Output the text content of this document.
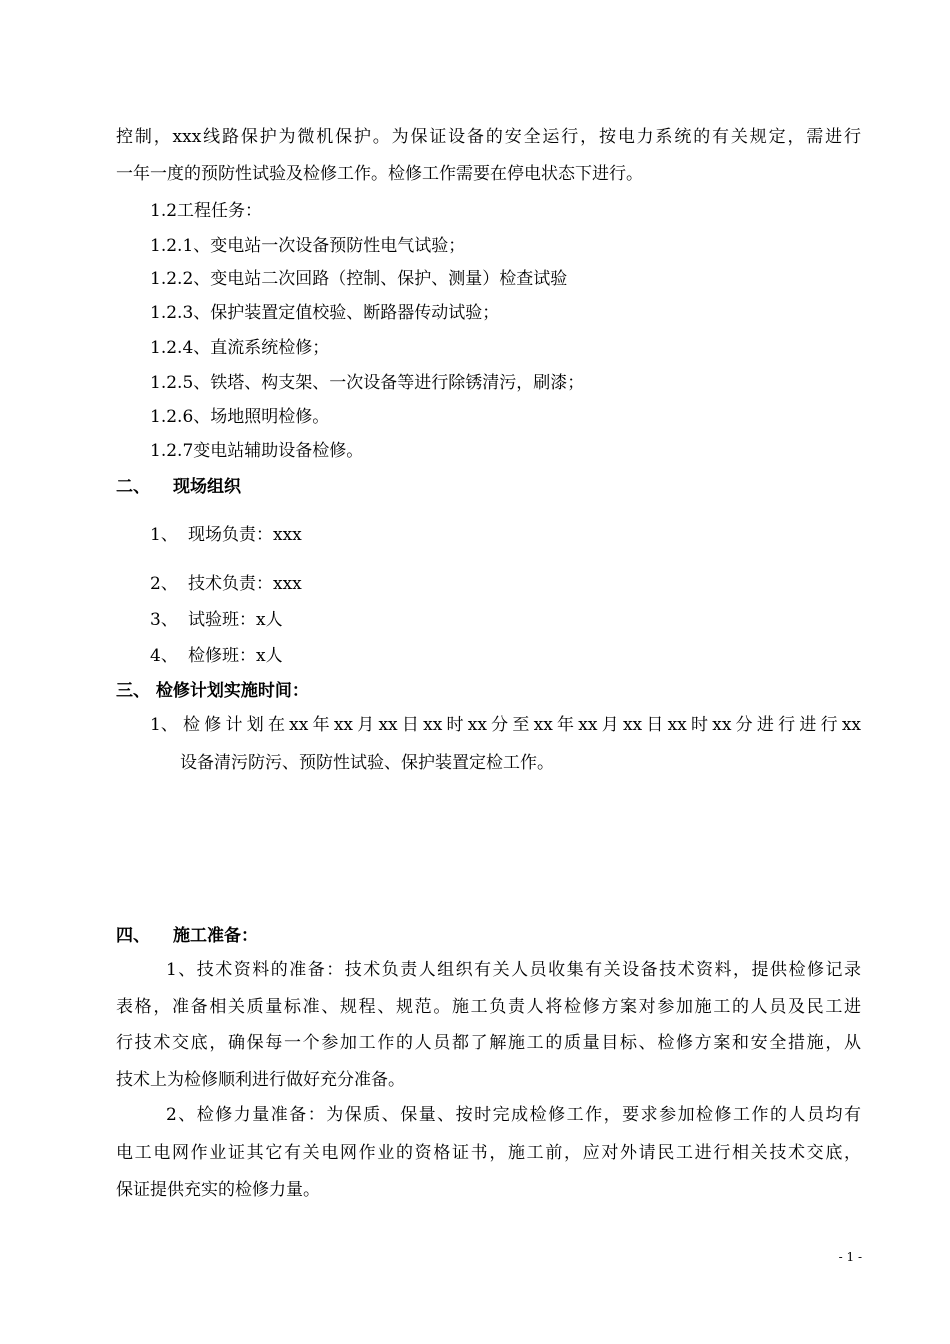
控制，xxx线路保护为微机保护。为保证设备的安全运行，按电力系统的有关规定，需进行
一年一度的预防性试验及检修工作。检修工作需要在停电状态下进行。
1.2工程任务：
1.2.1、变电站一次设备预防性电气试验；
1.2.2、变电站二次回路（控制、保护、测量）检查试验
1.2.3、保护装置定值校验、断路器传动试验；
1.2.4、直流系统检修；
1.2.5、铁塔、构支架、一次设备等进行除锈清污，刷漆；
1.2.6、场地照明检修。
1.2.7变电站辅助设备检修。
二、 现场组织
1、 现场负责：xxx
2、 技术负责：xxx
3、 试验班：x人
4、 检修班：x人
三、 检修计划实施时间：
1、 检修计划在xx年xx月xx日xx时xx分至xx年xx月xx日xx时xx分进行进行xx
设备清污防污、预防性试验、保护装置定检工作。
四、 施工准备：
1、技术资料的准备：技术负责人组织有关人员收集有关设备技术资料，提供检修记录
表格，准备相关质量标准、规程、规范。施工负责人将检修方案对参加施工的人员及民工进
行技术交底，确保每一个参加工作的人员都了解施工的质量目标、检修方案和安全措施，从
技术上为检修顺利进行做好充分准备。
2、检修力量准备：为保质、保量、按时完成检修工作，要求参加检修工作的人员均有
电工电网作业证其它有关电网作业的资格证书，施工前，应对外请民工进行相关技术交底，
保证提供充实的检修力量。
- 1 -
